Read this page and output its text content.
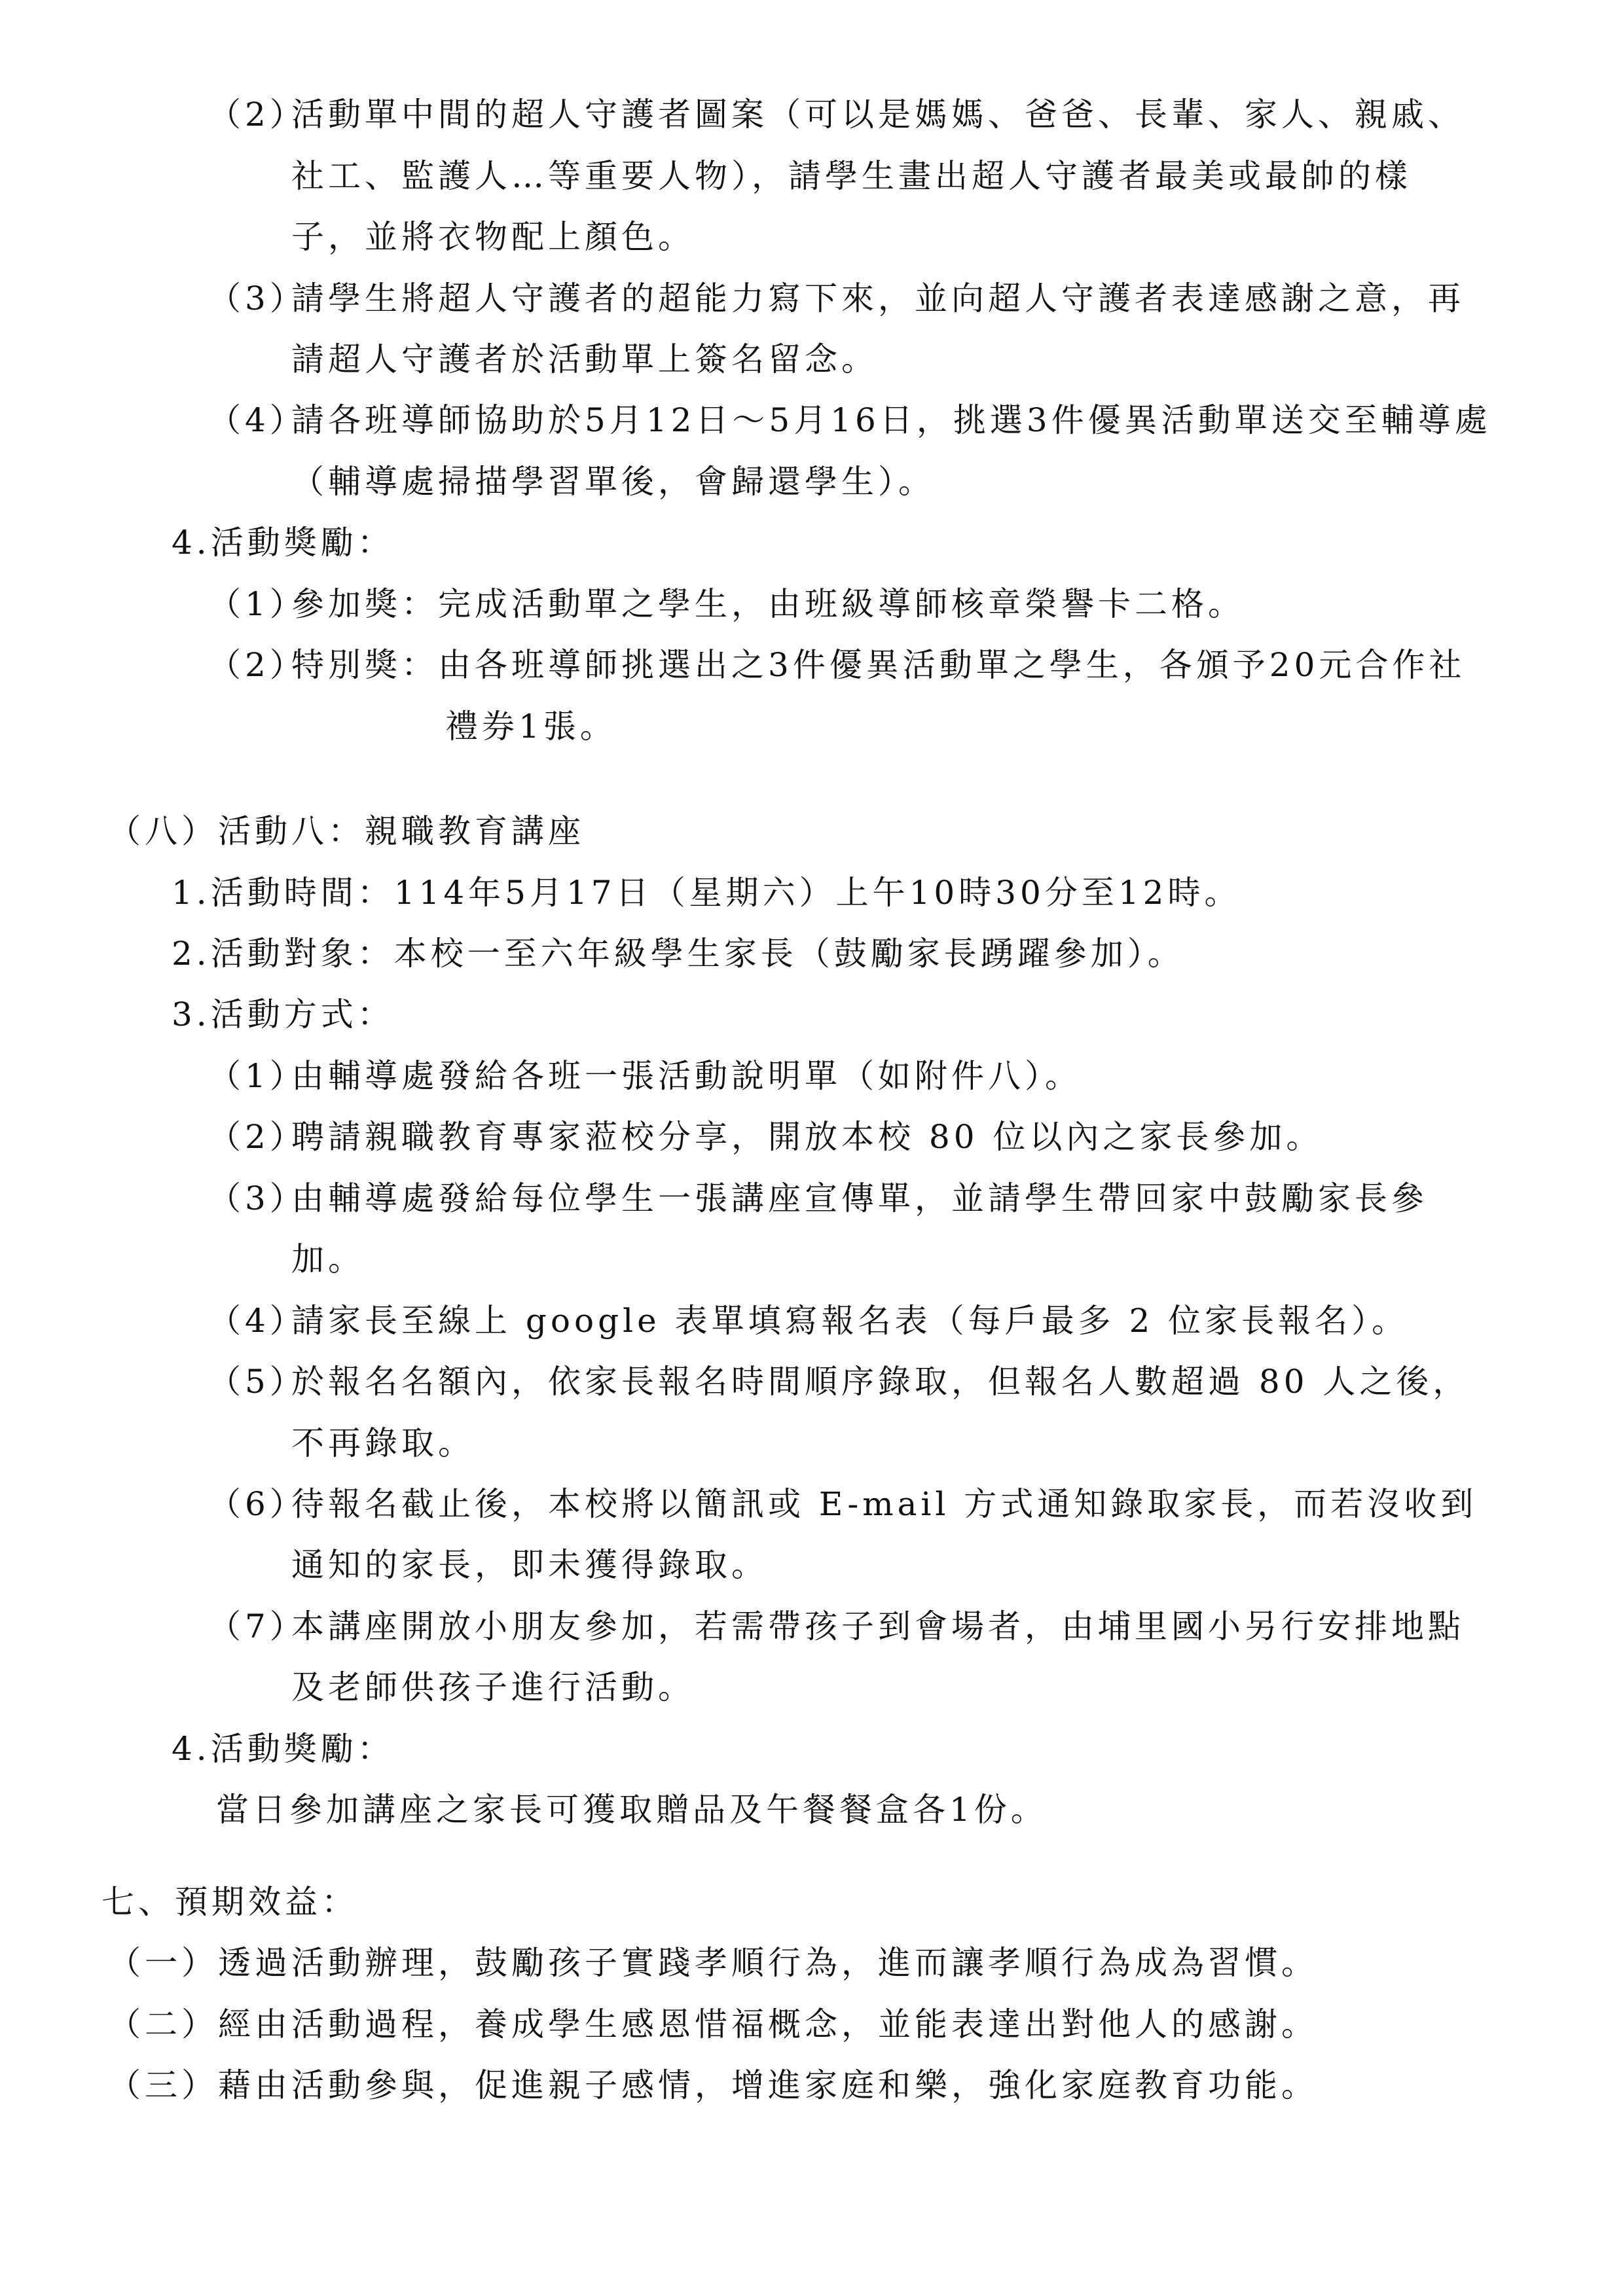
（2）
活動單中間的超人守護者圖案（可以是媽媽、爸爸、長輩、家人、親戚、
社工、監護人…等重要人物），請學生畫出超人守護者最美或最帥的樣
子，並將衣物配上顏色。
（3）
請學生將超人守護者的超能力寫下來，並向超人守護者表達感謝之意，再
請超人守護者於活動單上簽名留念。
（4）
請各班導師協助於5月12日～5月16日，挑選3件優異活動單送交至輔導處
（輔導處掃描學習單後，會歸還學生）。
4.活動獎勵：
（1）
參加獎：完成活動單之學生，由班級導師核章榮譽卡二格。
（2）
特別獎：由各班導師挑選出之3件優異活動單之學生，各頒予20元合作社
禮券1張。
（八）活動八：親職教育講座
1.活動時間：114年5月17日（星期六）上午10時30分至12時。
2.活動對象：本校一至六年級學生家長（鼓勵家長踴躍參加）。
3.活動方式：
（1）
由輔導處發給各班一張活動說明單（如附件八）。
（2）
聘請親職教育專家蒞校分享，開放本校 80 位以內之家長參加。
（3）
由輔導處發給每位學生一張講座宣傳單，並請學生帶回家中鼓勵家長參
加。
（4）
請家長至線上 google 表單填寫報名表（每戶最多 2 位家長報名）。
（5）
於報名名額內，依家長報名時間順序錄取，但報名人數超過 80 人之後，
不再錄取。
（6）
待報名截止後，本校將以簡訊或 E-mail 方式通知錄取家長，而若沒收到
通知的家長，即未獲得錄取。
（7）
本講座開放小朋友參加，若需帶孩子到會場者，由埔里國小另行安排地點
及老師供孩子進行活動。
4.活動獎勵：
當日參加講座之家長可獲取贈品及午餐餐盒各1份。
七、預期效益：
（一）透過活動辦理，鼓勵孩子實踐孝順行為，進而讓孝順行為成為習慣。
（二）經由活動過程，養成學生感恩惜福概念，並能表達出對他人的感謝。
（三）藉由活動參與，促進親子感情，增進家庭和樂，強化家庭教育功能。
